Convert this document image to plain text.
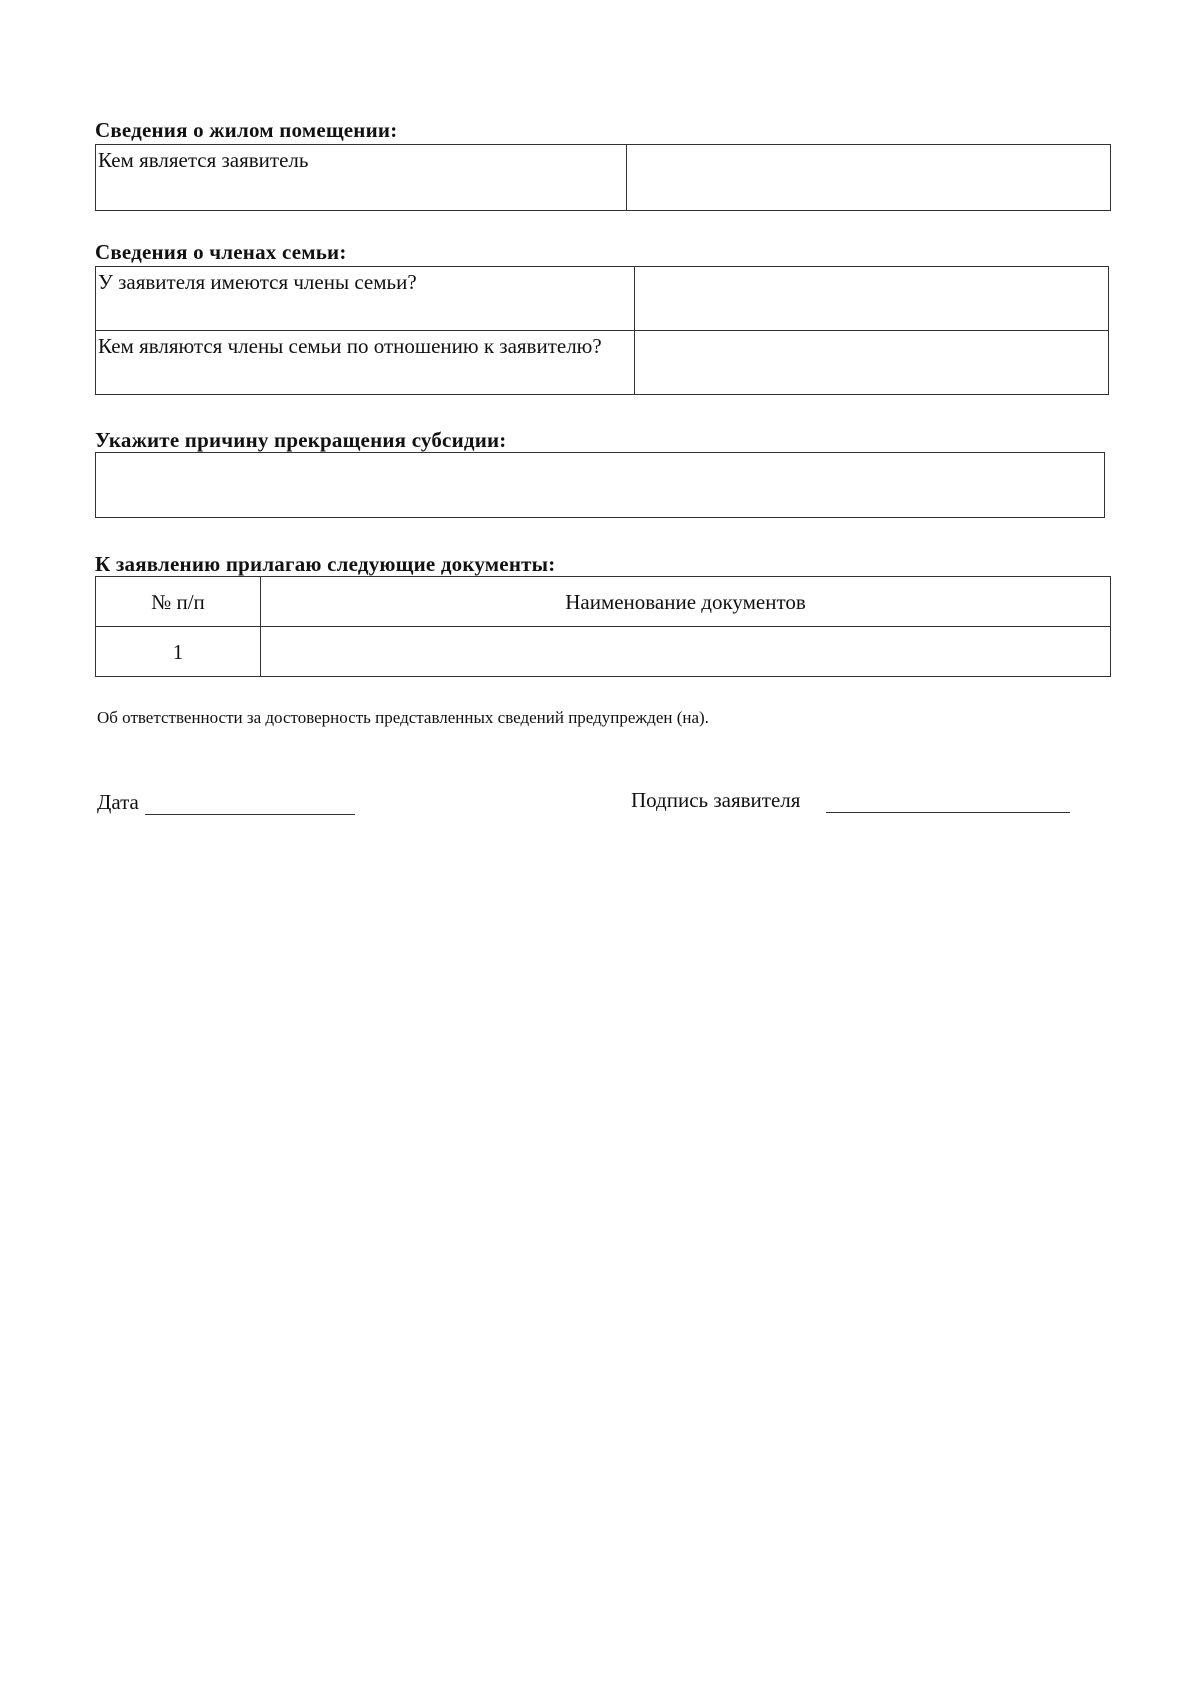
Сведения о жилом помещении:
Кем является заявитель	
Сведения о членах семьи:
У заявителя имеются члены семьи?	
Кем являются члены семьи по отношению к заявителю?	
Укажите причину прекращения субсидии:
К заявлению прилагаю следующие документы:
№ п/п	Наименование документов
1	
Об ответственности за достоверность представленных сведений предупрежден (на).
Дата	Подпись заявителя
